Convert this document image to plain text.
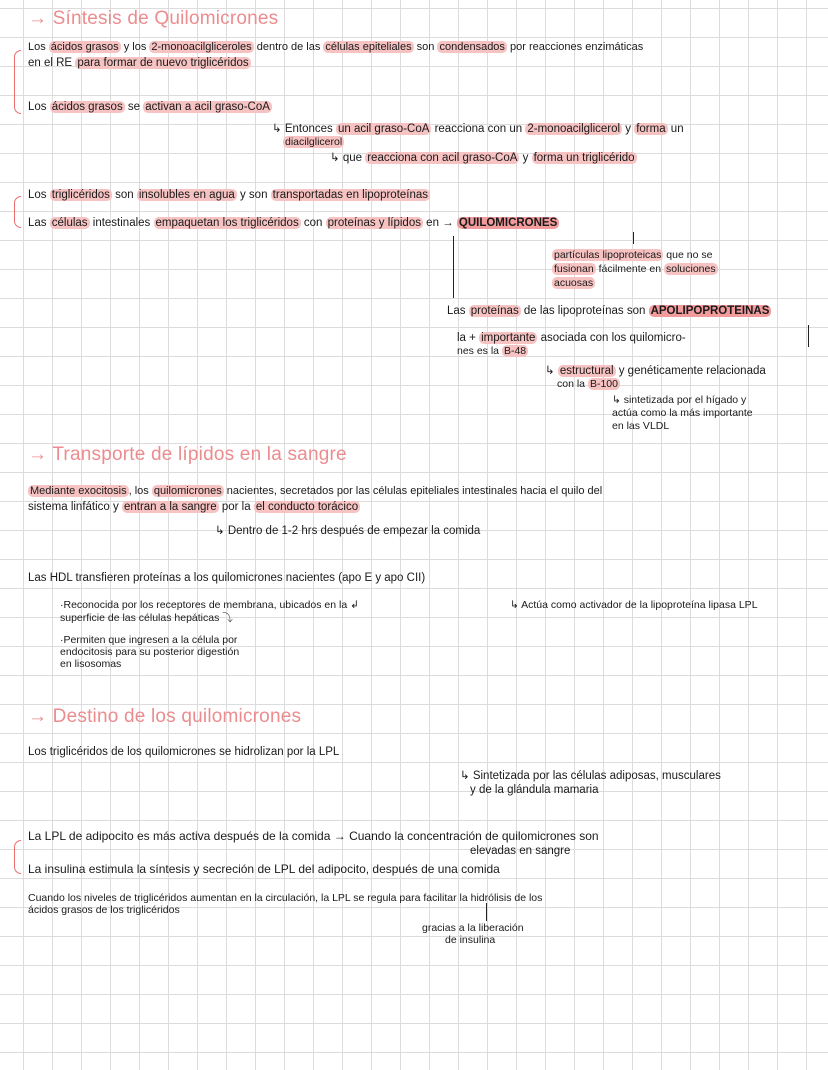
→ Síntesis de Quilomicrones
→ Transporte de lípidos en la sangre
→ Destino de los quilomicrones
Los ácidos grasos y los 2-monoacilgliceroles dentro de las células epiteliales son condensados por reacciones enzimáticas
en el RE para formar de nuevo triglicéridos
Los ácidos grasos se activan a acil graso-CoA
↳ Entonces un acil graso-CoA reacciona con un 2-monoacilglicerol y forma un
diacilglicerol
↳ que reacciona con acil graso-CoA y forma un triglicérido
Los triglicéridos son insolubles en agua y son transportadas en lipoproteínas
Las células intestinales empaquetan los triglicéridos con proteínas y lípidos en → QUILOMICRONES
partículas lipoproteicas que no se
fusionan fácilmente en soluciones
acuosas
Las proteínas de las lipoproteínas son APOLIPOPROTEINAS
la + importante asociada con los quilomicro-
nes es la B-48
↳ estructural y genéticamente relacionada
con la B-100
↳ sintetizada por el hígado y
actúa como la más importante
en las VLDL
Mediante exocitosis , los quilomicrones nacientes, secretados por las células epiteliales intestinales hacia el quilo del
sistema linfático y entran a la sangre por la el conducto torácico
↳ Dentro de 1-2 hrs después de empezar la comida
Las HDL transfieren proteínas a los quilomicrones nacientes (apo E y apo CII)
·Reconocida por los receptores de membrana, ubicados en la ↲
superficie de las células hepáticas ⤵
↳ Actúa como activador de la lipoproteína lipasa LPL
·Permiten que ingresen a la célula por
endocitosis para su posterior digestión
en lisosomas
Los triglicéridos de los quilomicrones se hidrolizan por la LPL
↳ Sintetizada por las células adiposas, musculares
y de la glándula mamaria
La LPL de adipocito es más activa después de la comida → Cuando la concentración de quilomicrones son
elevadas en sangre
La insulina estimula la síntesis y secreción de LPL del adipocito, después de una comida
Cuando los niveles de triglicéridos aumentan en la circulación, la LPL se regula para facilitar la hidrólisis de los
ácidos grasos de los triglicéridos
gracias a la liberación
de insulina
